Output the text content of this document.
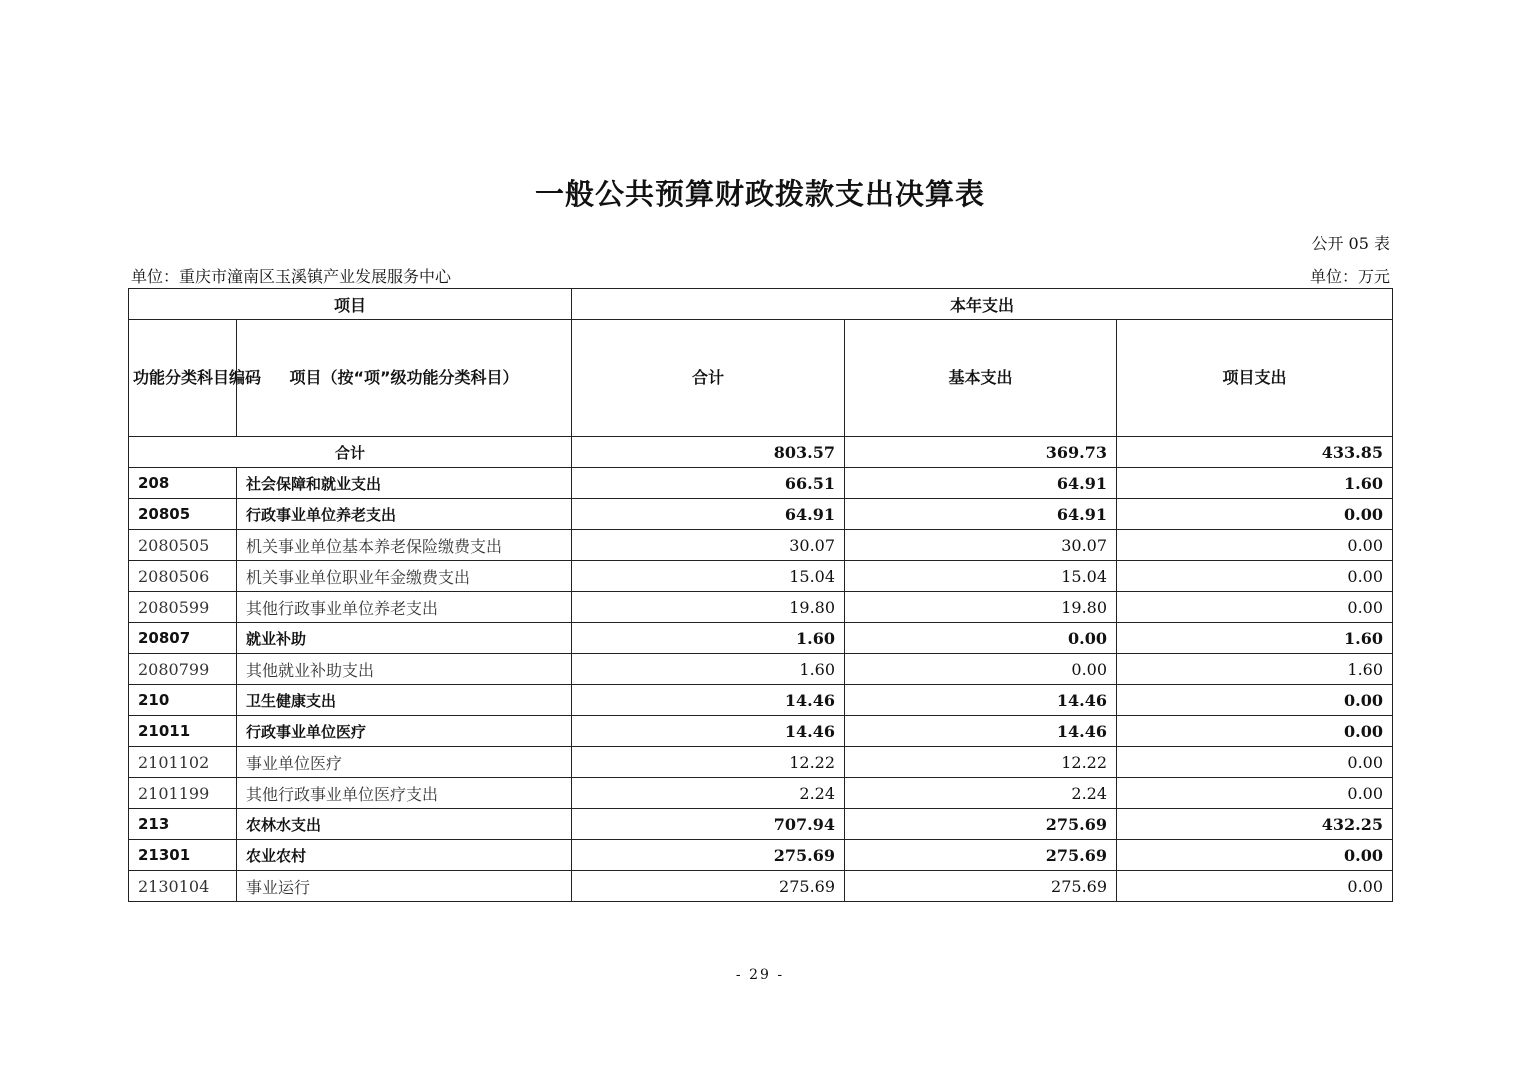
一般公共预算财政拨款支出决算表
公开 05 表
单位：重庆市潼南区玉溪镇产业发展服务中心	单位：万元
项目		本年支出		
功能分类科目编码	项目（按“项”级功能分类科目）	合计	基本支出	项目支出
合计		803.57	369.73	433.85
208	社会保障和就业支出	66.51	64.91	1.60
20805	行政事业单位养老支出	64.91	64.91	0.00
2080505	机关事业单位基本养老保险缴费支出	30.07	30.07	0.00
2080506	机关事业单位职业年金缴费支出	15.04	15.04	0.00
2080599	其他行政事业单位养老支出	19.80	19.80	0.00
20807	就业补助	1.60	0.00	1.60
2080799	其他就业补助支出	1.60	0.00	1.60
210	卫生健康支出	14.46	14.46	0.00
21011	行政事业单位医疗	14.46	14.46	0.00
2101102	事业单位医疗	12.22	12.22	0.00
2101199	其他行政事业单位医疗支出	2.24	2.24	0.00
213	农林水支出	707.94	275.69	432.25
21301	农业农村	275.69	275.69	0.00
2130104	事业运行	275.69	275.69	0.00
- 29 -
